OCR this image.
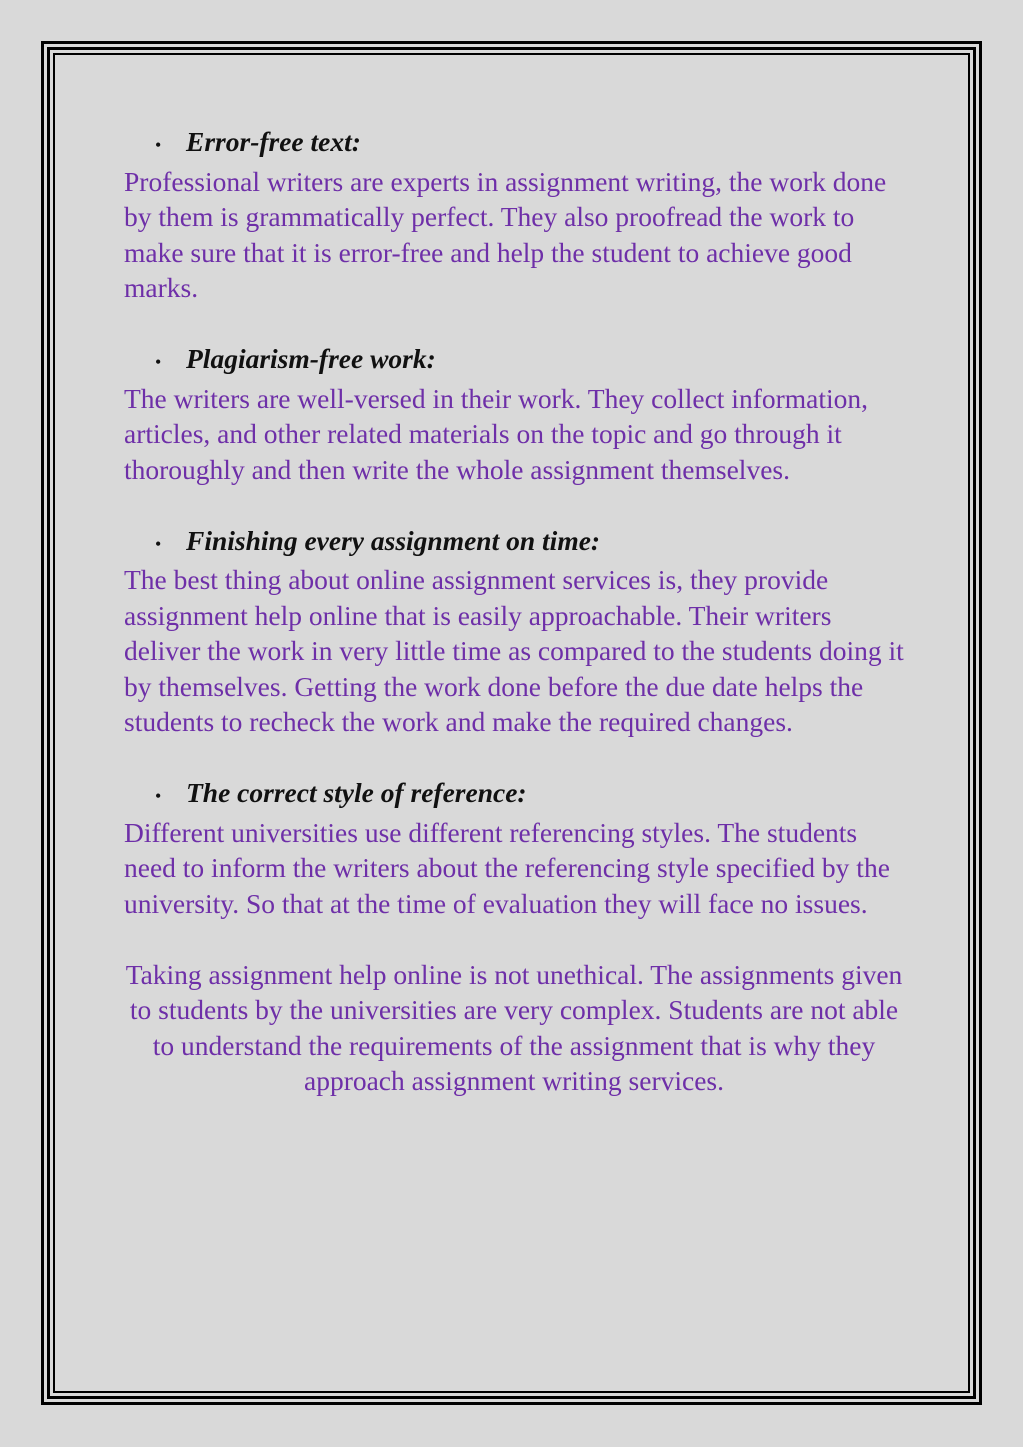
• Error-free text:

Professional writers are experts in assignment writing, the work done by them is grammatically perfect. They also proofread the work to make sure that it is error-free and help the student to achieve good marks.

• Plagiarism-free work:

The writers are well-versed in their work. They collect information, articles, and other related materials on the topic and go through it thoroughly and then write the whole assignment themselves.

• Finishing every assignment on time:

The best thing about online assignment services is, they provide assignment help online that is easily approachable. Their writers deliver the work in very little time as compared to the students doing it by themselves. Getting the work done before the due date helps the students to recheck the work and make the required changes.

• The correct style of reference:

Different universities use different referencing styles. The students need to inform the writers about the referencing style specified by the university. So that at the time of evaluation they will face no issues.

Taking assignment help online is not unethical. The assignments given to students by the universities are very complex. Students are not able to understand the requirements of the assignment that is why they approach assignment writing services.
